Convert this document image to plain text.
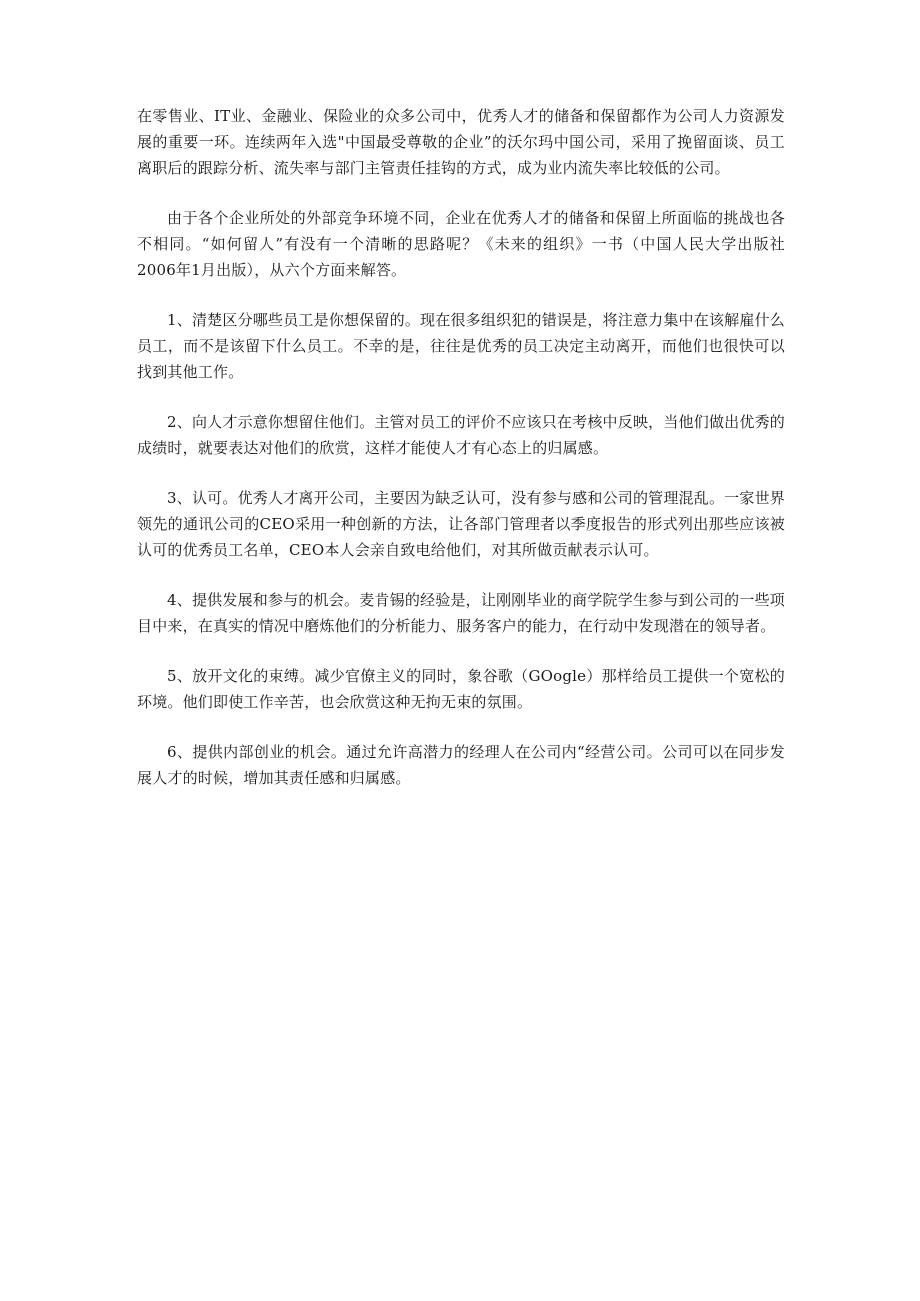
在零售业、IT业、金融业、保险业的众多公司中，优秀人才的储备和保留都作为公司人力资源发展的重要一环。连续两年入选"中国最受尊敬的企业”的沃尔玛中国公司，采用了挽留面谈、员工离职后的跟踪分析、流失率与部门主管责任挂钩的方式，成为业内流失率比较低的公司。

由于各个企业所处的外部竞争环境不同，企业在优秀人才的储备和保留上所面临的挑战也各不相同。“如何留人”有没有一个清晰的思路呢？《未来的组织》一书（中国人民大学出版社 2006年1月出版），从六个方面来解答。

1、清楚区分哪些员工是你想保留的。现在很多组织犯的错误是，将注意力集中在该解雇什么员工，而不是该留下什么员工。不幸的是，往往是优秀的员工决定主动离开，而他们也很快可以找到其他工作。

2、向人才示意你想留住他们。主管对员工的评价不应该只在考核中反映，当他们做出优秀的成绩时，就要表达对他们的欣赏，这样才能使人才有心态上的归属感。

3、认可。优秀人才离开公司，主要因为缺乏认可，没有参与感和公司的管理混乱。一家世界领先的通讯公司的CEO采用一种创新的方法，让各部门管理者以季度报告的形式列出那些应该被认可的优秀员工名单，CEO本人会亲自致电给他们，对其所做贡献表示认可。

4、提供发展和参与的机会。麦肯锡的经验是，让刚刚毕业的商学院学生参与到公司的一些项目中来，在真实的情况中磨炼他们的分析能力、服务客户的能力，在行动中发现潜在的领导者。

5、放开文化的束缚。减少官僚主义的同时，象谷歌（GOogle）那样给员工提供一个宽松的环境。他们即使工作辛苦，也会欣赏这种无拘无束的氛围。

6、提供内部创业的机会。通过允许高潜力的经理人在公司内“经营公司。公司可以在同步发展人才的时候，增加其责任感和归属感。
